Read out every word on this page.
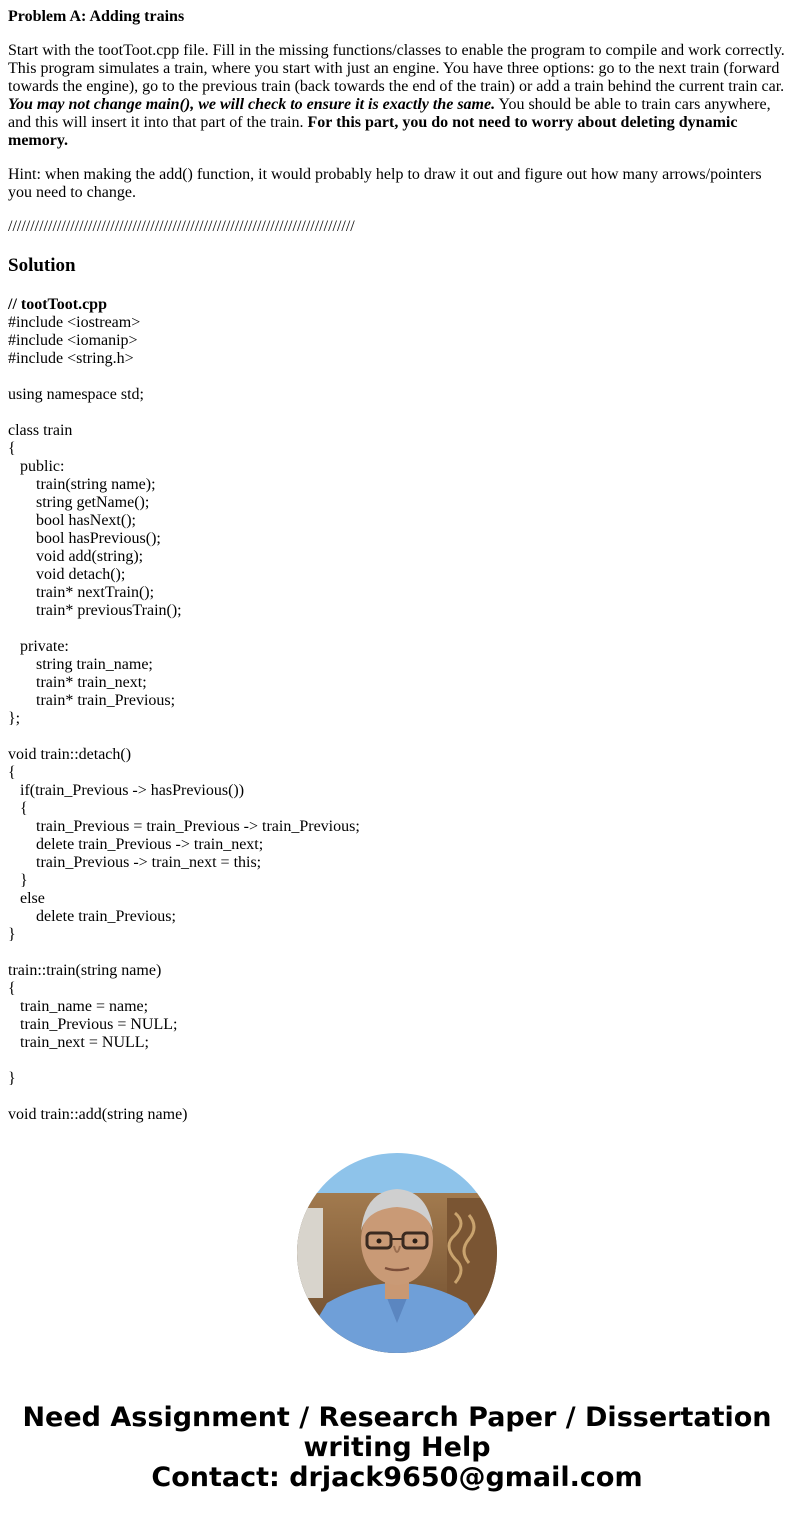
Problem A: Adding trains
Start with the tootToot.cpp file. Fill in the missing functions/classes to enable the program to compile and work correctly. This program simulates a train, where you start with just an engine. You have three options: go to the next train (forward towards the engine), go to the previous train (back towards the end of the train) or add a train behind the current train car. You may not change main(), we will check to ensure it is exactly the same. You should be able to train cars anywhere, and this will insert it into that part of the train. For this part, you do not need to worry about deleting dynamic memory.
Hint: when making the add() function, it would probably help to draw it out and figure out how many arrows/pointers you need to change.
//////////////////////////////////////////////////////////////////////////////
Solution
// tootToot.cpp
#include <iostream>
#include <iomanip>
#include <string.h>
using namespace std;
class train
{
public:
train(string name);
string getName();
bool hasNext();
bool hasPrevious();
void add(string);
void detach();
train* nextTrain();
train* previousTrain();
private:
string train_name;
train* train_next;
train* train_Previous;
};
void train::detach()
{
if(train_Previous -> hasPrevious())
{
train_Previous = train_Previous -> train_Previous;
delete train_Previous -> train_next;
train_Previous -> train_next = this;
}
else
delete train_Previous;
}
train::train(string name)
{
train_name = name;
train_Previous = NULL;
train_next = NULL;
}
void train::add(string name)
Need Assignment / Research Paper / Dissertation
writing Help
Contact: drjack9650@gmail.com
